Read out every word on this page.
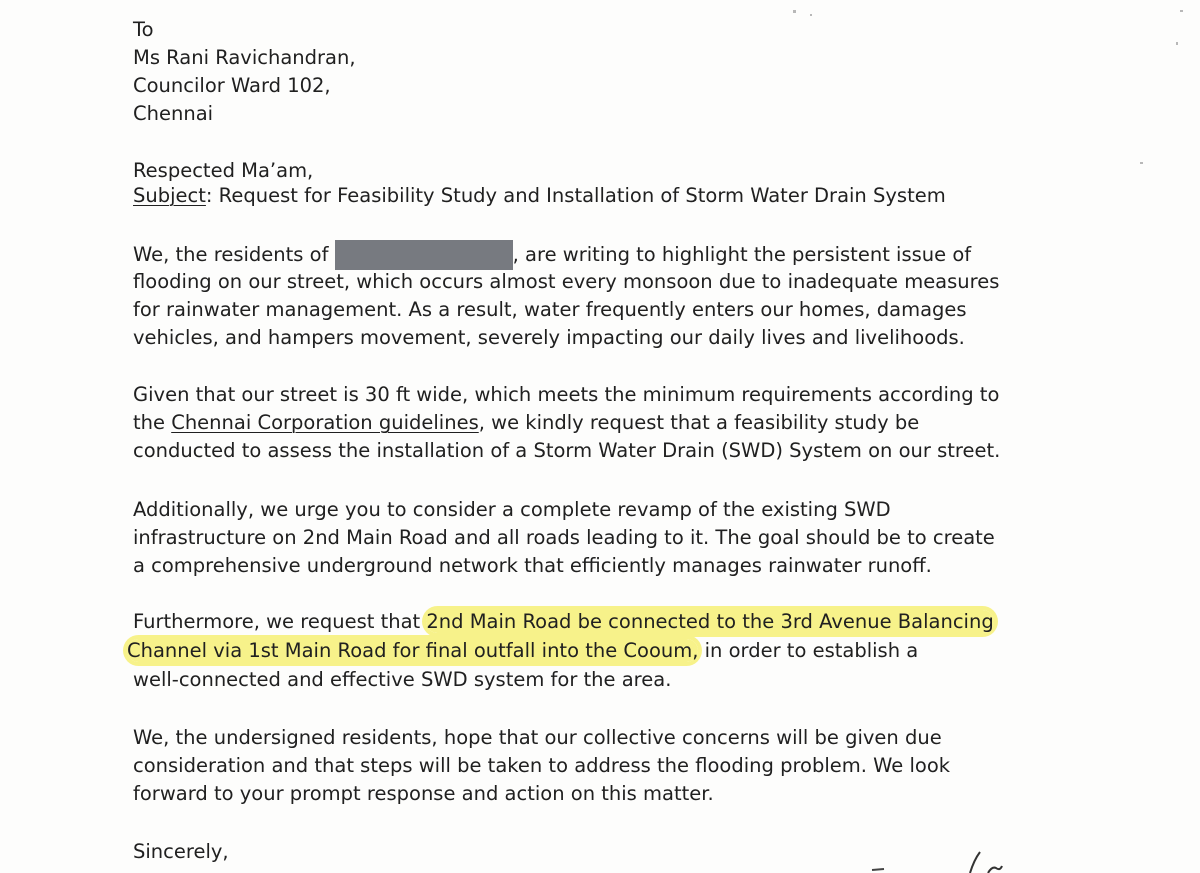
To
Ms Rani Ravichandran,
Councilor Ward 102,
Chennai
Respected Ma’am,
Subject: Request for Feasibility Study and Installation of Storm Water Drain System
We, the residents of	, are writing to highlight the persistent issue of
flooding on our street, which occurs almost every monsoon due to inadequate measures
for rainwater management. As a result, water frequently enters our homes, damages
vehicles, and hampers movement, severely impacting our daily lives and livelihoods.
Given that our street is 30 ft wide, which meets the minimum requirements according to
the Chennai Corporation guidelines, we kindly request that a feasibility study be
conducted to assess the installation of a Storm Water Drain (SWD) System on our street.
Additionally, we urge you to consider a complete revamp of the existing SWD
infrastructure on 2nd Main Road and all roads leading to it. The goal should be to create
a comprehensive underground network that efficiently manages rainwater runoff.
Furthermore, we request that 2nd Main Road be connected to the 3rd Avenue Balancing
Channel via 1st Main Road for final outfall into the Cooum, in order to establish a
well-connected and effective SWD system for the area.
We, the undersigned residents, hope that our collective concerns will be given due
consideration and that steps will be taken to address the flooding problem. We look
forward to your prompt response and action on this matter.
Sincerely,
